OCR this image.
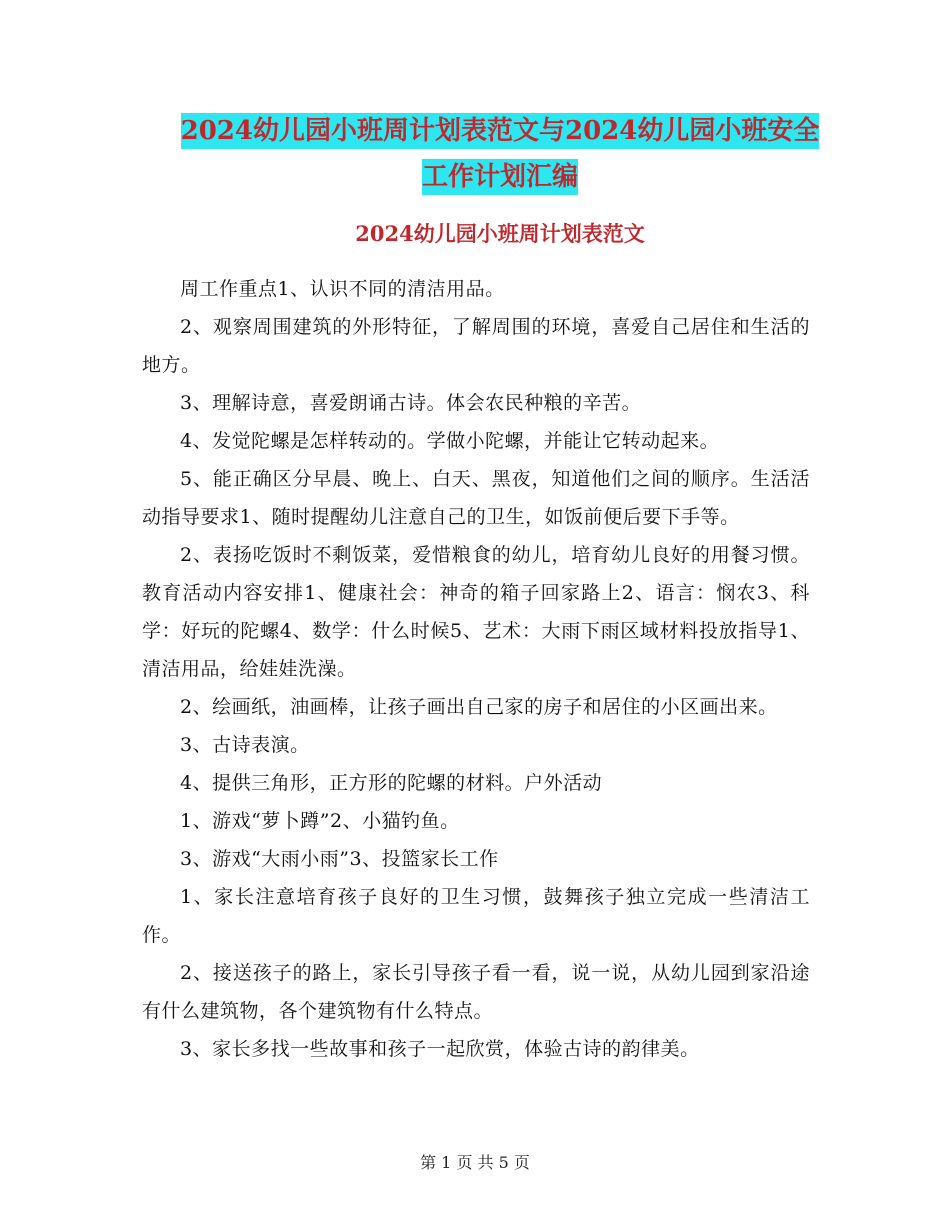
2024幼儿园小班周计划表范文与2024幼儿园小班安全
工作计划汇编
2024幼儿园小班周计划表范文

周工作重点1、认识不同的清洁用品。

2、观察周围建筑的外形特征，了解周围的环境，喜爱自己居住和生活的地方。

3、理解诗意，喜爱朗诵古诗。体会农民种粮的辛苦。

4、发觉陀螺是怎样转动的。学做小陀螺，并能让它转动起来。

5、能正确区分早晨、晚上、白天、黑夜，知道他们之间的顺序。生活活动指导要求1、随时提醒幼儿注意自己的卫生，如饭前便后要下手等。

2、表扬吃饭时不剩饭菜，爱惜粮食的幼儿，培育幼儿良好的用餐习惯。教育活动内容安排1、健康社会：神奇的箱子回家路上2、语言：悯农3、科学：好玩的陀螺4、数学：什么时候5、艺术：大雨下雨区域材料投放指导1、清洁用品，给娃娃洗澡。

2、绘画纸，油画棒，让孩子画出自己家的房子和居住的小区画出来。

3、古诗表演。

4、提供三角形，正方形的陀螺的材料。户外活动

1、游戏“萝卜蹲”2、小猫钓鱼。

3、游戏“大雨小雨”3、投篮家长工作

1、家长注意培育孩子良好的卫生习惯，鼓舞孩子独立完成一些清洁工作。

2、接送孩子的路上，家长引导孩子看一看，说一说，从幼儿园到家沿途有什么建筑物，各个建筑物有什么特点。

3、家长多找一些故事和孩子一起欣赏，体验古诗的韵律美。

第 1 页 共 5 页
